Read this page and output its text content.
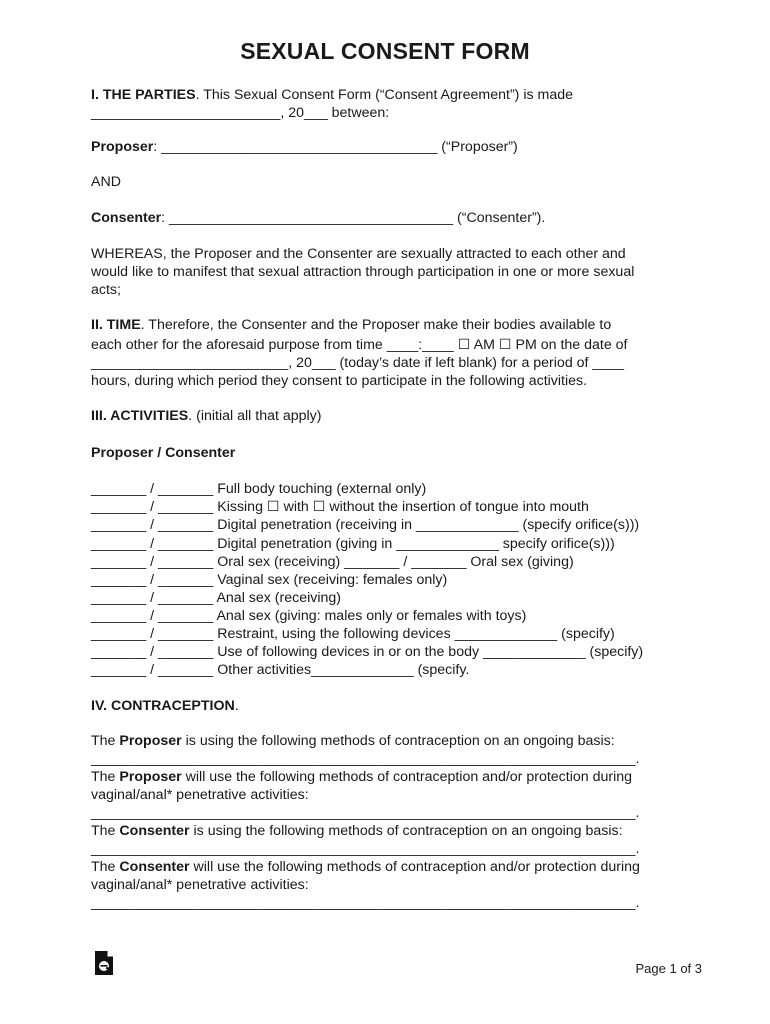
SEXUAL CONSENT FORM
I. THE PARTIES. This Sexual Consent Form (“Consent Agreement”) is made
________________________, 20___ between:
Proposer: ___________________________________ (“Proposer”)
AND
Consenter: ____________________________________ (“Consenter”).
WHEREAS, the Proposer and the Consenter are sexually attracted to each other and
would like to manifest that sexual attraction through participation in one or more sexual
acts;
II. TIME. Therefore, the Consenter and the Proposer make their bodies available to
each other for the aforesaid purpose from time ____:____ ☐ AM ☐ PM on the date of
_________________________, 20___ (today’s date if left blank) for a period of ____
hours, during which period they consent to participate in the following activities.
III. ACTIVITIES. (initial all that apply)
Proposer / Consenter
_______ / _______ Full body touching (external only)
_______ / _______ Kissing ☐ with ☐ without the insertion of tongue into mouth
_______ / _______ Digital penetration (receiving in _____________ (specify orifice(s)))
_______ / _______ Digital penetration (giving in _____________ specify orifice(s)))
_______ / _______ Oral sex (receiving) _______ / _______ Oral sex (giving)
_______ / _______ Vaginal sex (receiving: females only)
_______ / _______ Anal sex (receiving)
_______ / _______ Anal sex (giving: males only or females with toys)
_______ / _______ Restraint, using the following devices _____________ (specify)
_______ / _______ Use of following devices in or on the body _____________ (specify)
_______ / _______ Other activities_____________ (specify.
IV. CONTRACEPTION.
The Proposer is using the following methods of contraception on an ongoing basis:
_____________________________________________________________________.
The Proposer will use the following methods of contraception and/or protection during
vaginal/anal* penetrative activities:
_____________________________________________________________________.
The Consenter is using the following methods of contraception on an ongoing basis:
_____________________________________________________________________.
The Consenter will use the following methods of contraception and/or protection during
vaginal/anal* penetrative activities:
_____________________________________________________________________.
Page 1 of 3
